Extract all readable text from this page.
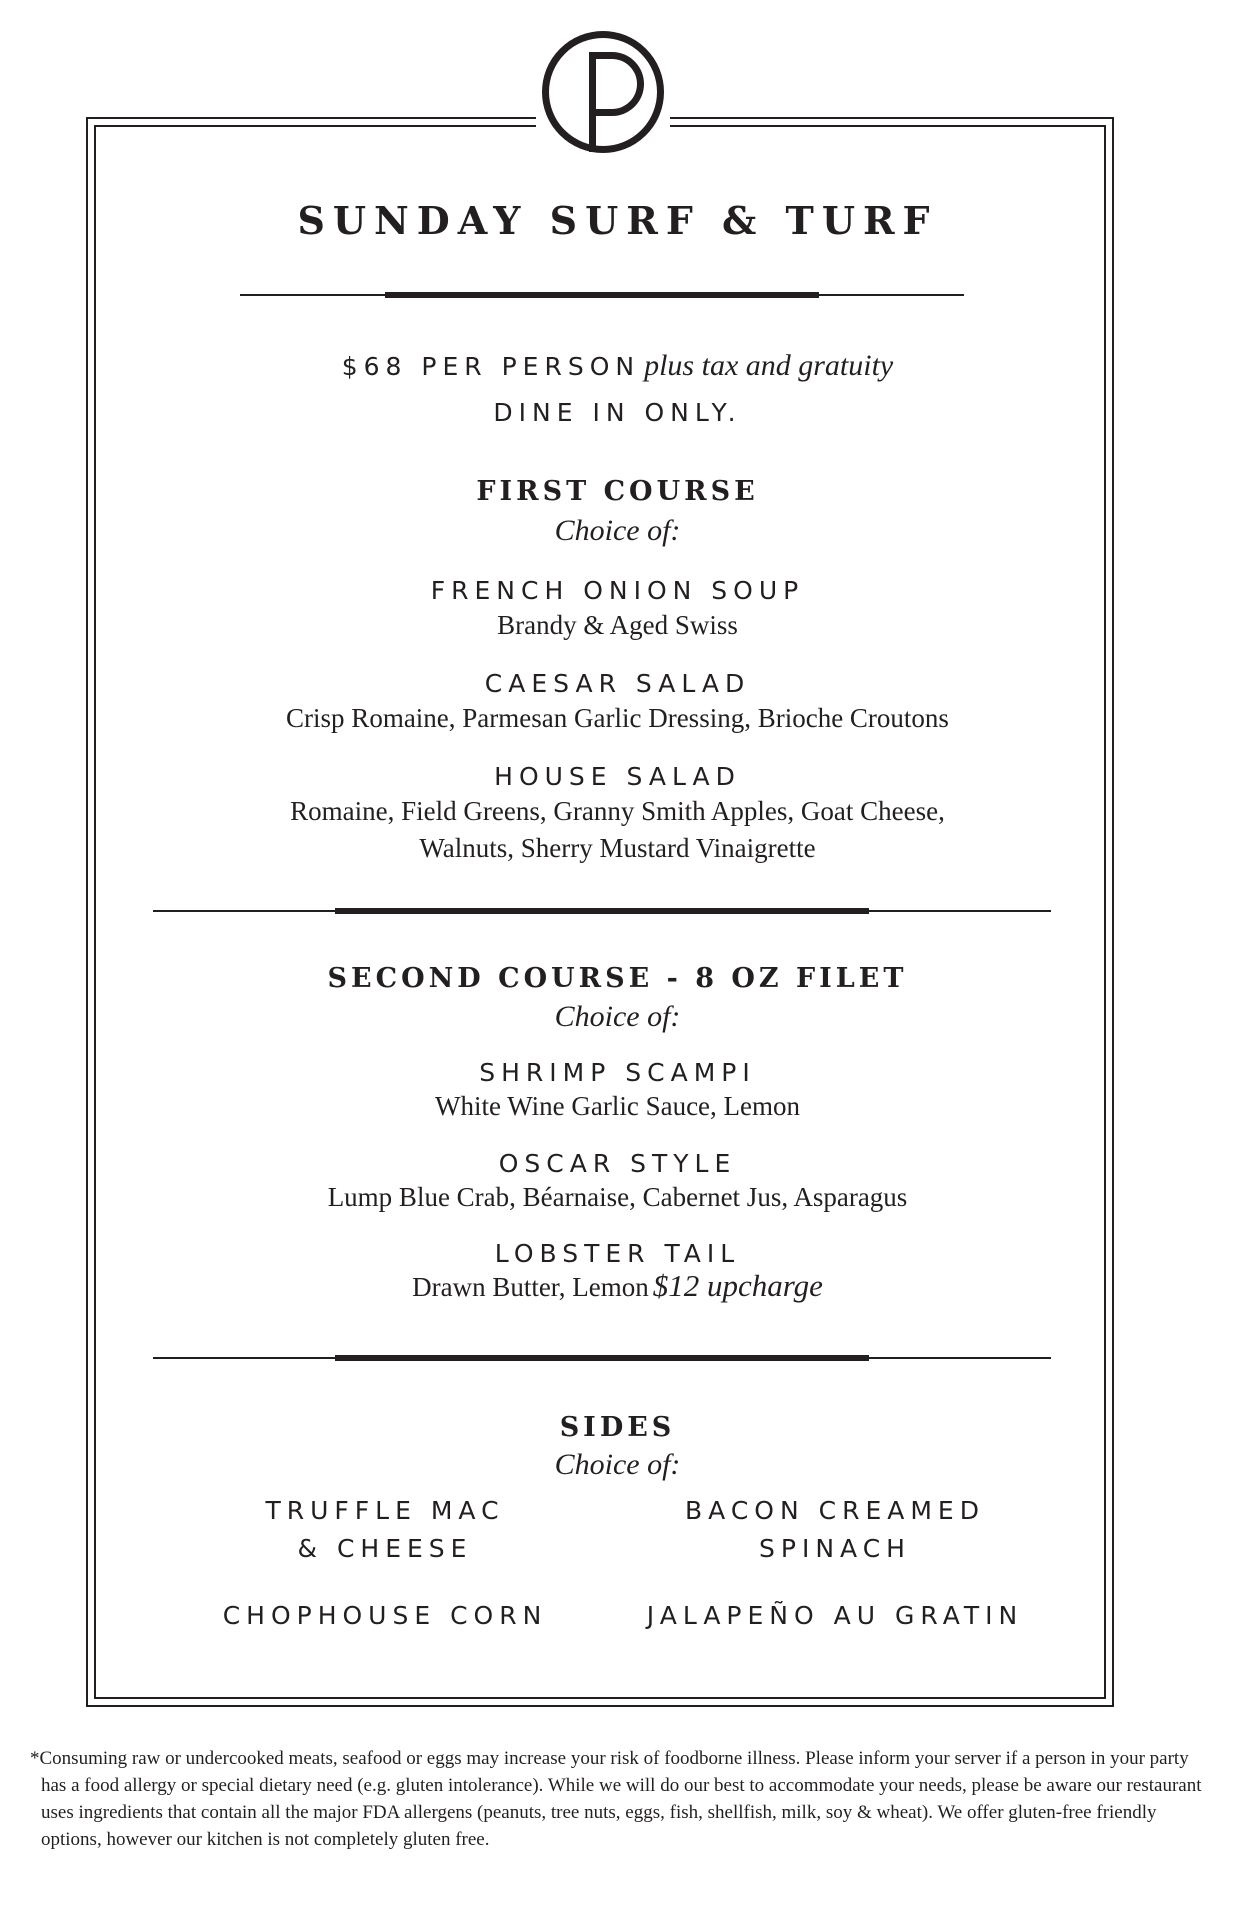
SUNDAY SURF & TURF

$68 PER PERSON plus tax and gratuity

DINE IN ONLY.

FIRST COURSE

Choice of:

FRENCH ONION SOUP

Brandy & Aged Swiss

CAESAR SALAD

Crisp Romaine, Parmesan Garlic Dressing, Brioche Croutons

HOUSE SALAD

Romaine, Field Greens, Granny Smith Apples, Goat Cheese,

Walnuts, Sherry Mustard Vinaigrette

SECOND COURSE - 8 OZ FILET

Choice of:

SHRIMP SCAMPI

White Wine Garlic Sauce, Lemon

OSCAR STYLE

Lump Blue Crab, Béarnaise, Cabernet Jus, Asparagus

LOBSTER TAIL

Drawn Butter, Lemon $12 upcharge

SIDES

Choice of:

TRUFFLE MAC
& CHEESE
BACON CREAMED
SPINACH
CHOPHOUSE CORN	JALAPEÑO AU GRATIN

*Consuming raw or undercooked meats, seafood or eggs may increase your risk of foodborne illness. Please inform your server if a person in your party has a food allergy or special dietary need (e.g. gluten intolerance). While we will do our best to accommodate your needs, please be aware our restaurant uses ingredients that contain all the major FDA allergens (peanuts, tree nuts, eggs, fish, shellfish, milk, soy & wheat). We offer gluten-free friendly options, however our kitchen is not completely gluten free.
